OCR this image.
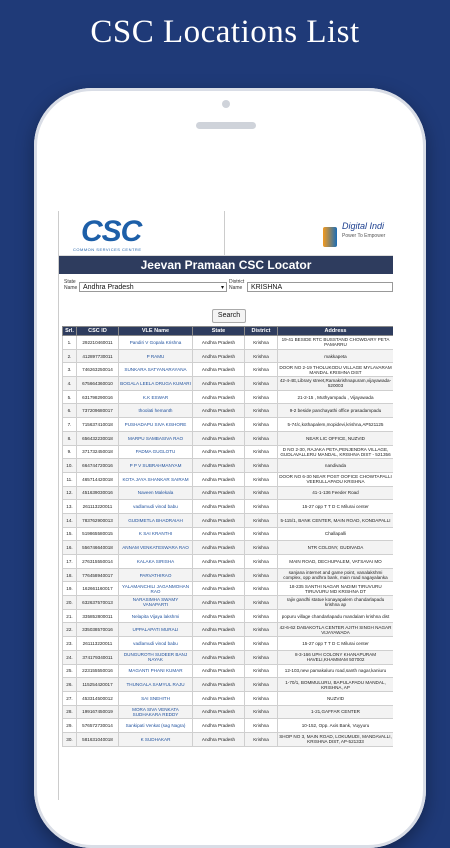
CSC Locations List
CSC
COMMON SERVICES CENTRE
Digital Indi
Power To Empower
Jeevan Pramaan CSC Locator
State
Name Andhra Pradesh	▾
District
Name	KRISHNA
Search
Srl.	CSC ID	VLE Name	State	District	Address
1.	292210460011	Pandiri V Gopala Krishna	Andhra Pradesh	Krishna	19-41 BESIDE RTC BUSSTAND CHOWDARY PETA PAMARRU
2.	412897730011	P RAMU	Andhra Pradesh	Krishna	makkapeta
3.	746263250014	SUNKARA SATYANARAYANA	Andhra Pradesh	Krishna	DOOR NO 2-19 THOLUKODU VILLAGE MYLAVARAM MANDAL KRISHNA DIST
4.	675664360010	BOGALA LEELA DRUGA KUMARI	Andhra Pradesh	Krishna	42-4-4E,Library street,Ramakrishnapuram,vijayawada-520003
5.	631798290016	K.K ESWAR	Andhra Pradesh	Krishna	21-2-15 , Muthyampadu , Vijayawada
6.	737209680017	thoolati hemanth	Andhra Pradesh	Krishna	9-2 beside panchayathi office prasadampadu
7.	715637410018	PUSHADAPU SIVA KISHORE	Andhra Pradesh	Krishna	5-74/c,kothapalem,mopidevi,krishna,AP521125
8.	656432230018	MARPU SAMBASIVA RAO	Andhra Pradesh	Krishna	NEAR LIC OFFICE, NUZVID
9.	371732450018	PADMA GUGLOTU	Andhra Pradesh	Krishna	D NO 2-30, RAJAKA PETA,PENJENDRA VILLAGE, GUDLAVALLERU MANDAL, KRISHNA DIST - 521356
10.	664744720016	P P V SUBRAHMANYAM	Andhra Pradesh	Krishna	nandivada
11.	465714420018	KOTA JAYA SHANKAR SAIRAM	Andhra Pradesh	Krishna	DOOR NO 6-30 NEAR POST OOFICE CHOWTAPALLI VEERULLAPADU KRISHNA
12.	451639030016	Naveen Malekala	Andhra Pradesh	Krishna	41-1-136 Feeder Road
13.	261113220011	vadlamudi vinod babu	Andhra Pradesh	Krishna	15-27 opp T T D C Milurai center
14.	783762900013	GUDIMETLA BHADRAIAH	Andhra Pradesh	Krishna	5-115/1, BANK CENTER, MAIN ROAD, KONDAPALLI
15.	519865580015	K SAI KRANTHI	Andhra Pradesh	Krishna	Challapalli
16.	556746640018	ANNAM VENKATESWARA RAO	Andhra Pradesh	Krishna	NTR COLONY, GUDIVADA
17.	276315550014	KALAKA SIRISHA	Andhra Pradesh	Krishna	MAIN ROAD, DECHUPALEM, VATSAVAI MO
18.	776458940017	PARVATHIRAO	Andhra Pradesh	Krishna	sanjana internet and game point, vanalakshmi complex, opp andhra bank, main road nagayalanka
19.	162661160017	YALAMANCHILI JAGANMOHAN RAO	Andhra Pradesh	Krishna	18-235 SANTHI NAGAR NADIMI TIRUVURU TIRUVURU MD KRISHNA DT
20.	632637570013	NARASIMHA SWAMY VANAPARTI	Andhra Pradesh	Krishna	rajiv gandhi statue konayapalem chandarlapadu krishna ap
21.	335852800011	Nelapita Vijaya lakshmi	Andhra Pradesh	Krishna	popuru village chandarlapadu mandalam krishna dist
22.	335038570016	UPPALAPATI MURALI	Andhra Pradesh	Krishna	42-6-62 DABAKOTLA CENTER AJITH SINGH NAGAR VIJAYAWADA
23.	261113220011	vadlamudi vinod babu	Andhra Pradesh	Krishna	15-27 opp T T D C Milurai center
24.	374179340011	DUNGUROTH SUDEER BANJ NAYAK	Andhra Pradesh	Krishna	8-3-166 UPH COLONY KHANAPURAM HAVELI,KHAMMAM 507002
25.	223155550016	MAGANTI PHANI KUMAR	Andhra Pradesh	Krishna	12-103,new pamakaluru road,santh nagar,kaniuru
26.	115254420017	THUNGALA SAMYUL RAJU	Andhra Pradesh	Krishna	1-70/1, BOMMULURU, BAPULAPADU MANDAL, KRISHNA, AP
27.	453314500012	SAI SNEHITH	Andhra Pradesh	Krishna	NUZVID
28.	199167450019	MORA SIVA VENKATA SUDHAKARA REDDY	Andhra Pradesh	Krishna	1-21,GAFFAR CENTER
29.	576572730014	Sankipati Venkat (sag Nagra)	Andhra Pradesh	Krishna	10-152, Opp. Axis Bank, Vuyyuru
30.	581631040018	K SUDHAKAR	Andhra Pradesh	Krishna	SHOP NO 3, MAIN ROAD, LOKUMUDI, MANDAVALLI, KRISHNA DIST, AP-521333
